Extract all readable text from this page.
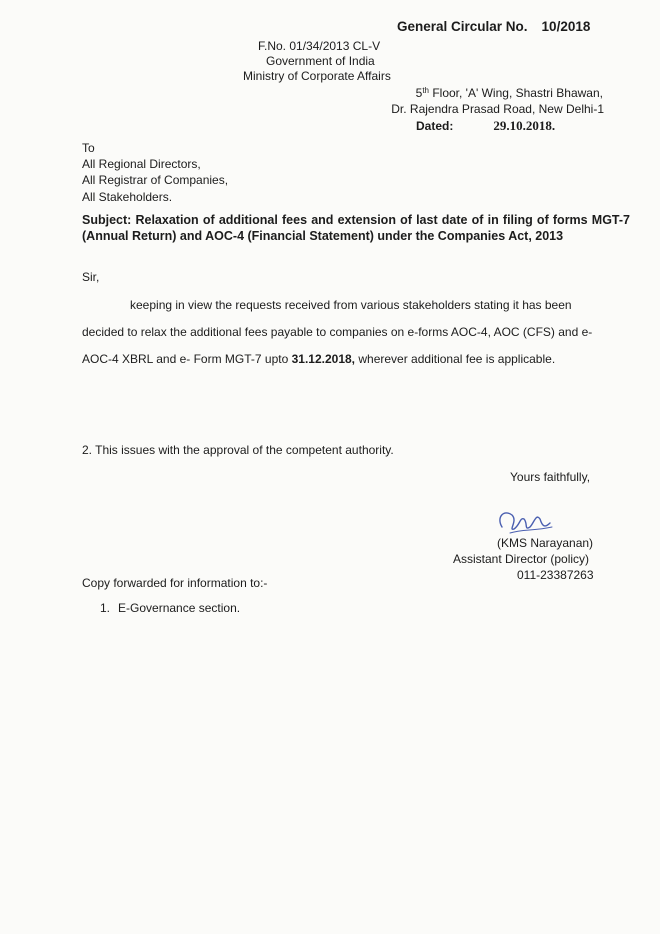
General Circular No. 10/2018
F.No. 01/34/2013 CL-V
Government of India
Ministry of Corporate Affairs
5th Floor, 'A' Wing, Shastri Bhawan,
Dr. Rajendra Prasad Road, New Delhi-1
Dated:	29.10.2018.
To
All Regional Directors,
All Registrar of Companies,
All Stakeholders.
Subject: Relaxation of additional fees and extension of last date of in filing of forms MGT-7 (Annual Return) and AOC-4 (Financial Statement) under the Companies Act, 2013
Sir,
keeping in view the requests received from various stakeholders stating it has been
decided to relax the additional fees payable to companies on e-forms AOC-4, AOC (CFS) and e-
AOC-4 XBRL and e- Form MGT-7 upto 31.12.2018, wherever additional fee is applicable.
2. This issues with the approval of the competent authority.
Yours faithfully,
(KMS Narayanan)
Assistant Director (policy)
011-23387263
Copy forwarded for information to:-
1. E-Governance section.
